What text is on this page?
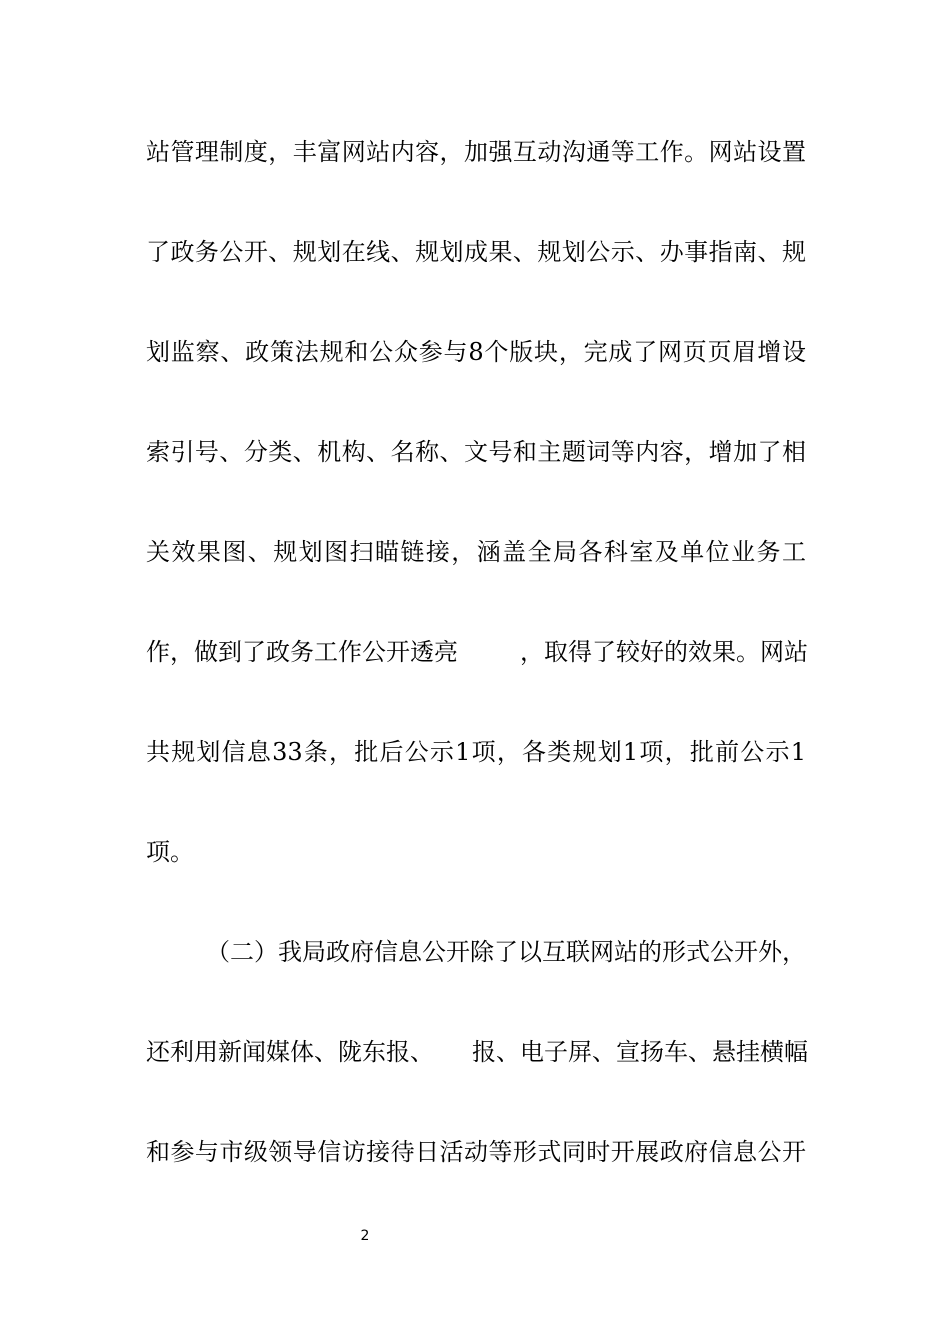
站管理制度，丰富网站内容，加强互动沟通等工作。网站设置
了政务公开、规划在线、规划成果、规划公示、办事指南、规
划监察、政策法规和公众参与8个版块，完成了网页页眉增设
索引号、分类、机构、名称、文号和主题词等内容，增加了相
关效果图、规划图扫瞄链接，涵盖全局各科室及单位业务工
作，做到了政务工作公开透亮	，取得了较好的效果。网站
共规划信息33条，批后公示1项，各类规划1项，批前公示1
项。
（二）我局政府信息公开除了以互联网站的形式公开外，
还利用新闻媒体、陇东报、 报、电子屏、宣扬车、悬挂横幅
和参与市级领导信访接待日活动等形式同时开展政府信息公开
2
